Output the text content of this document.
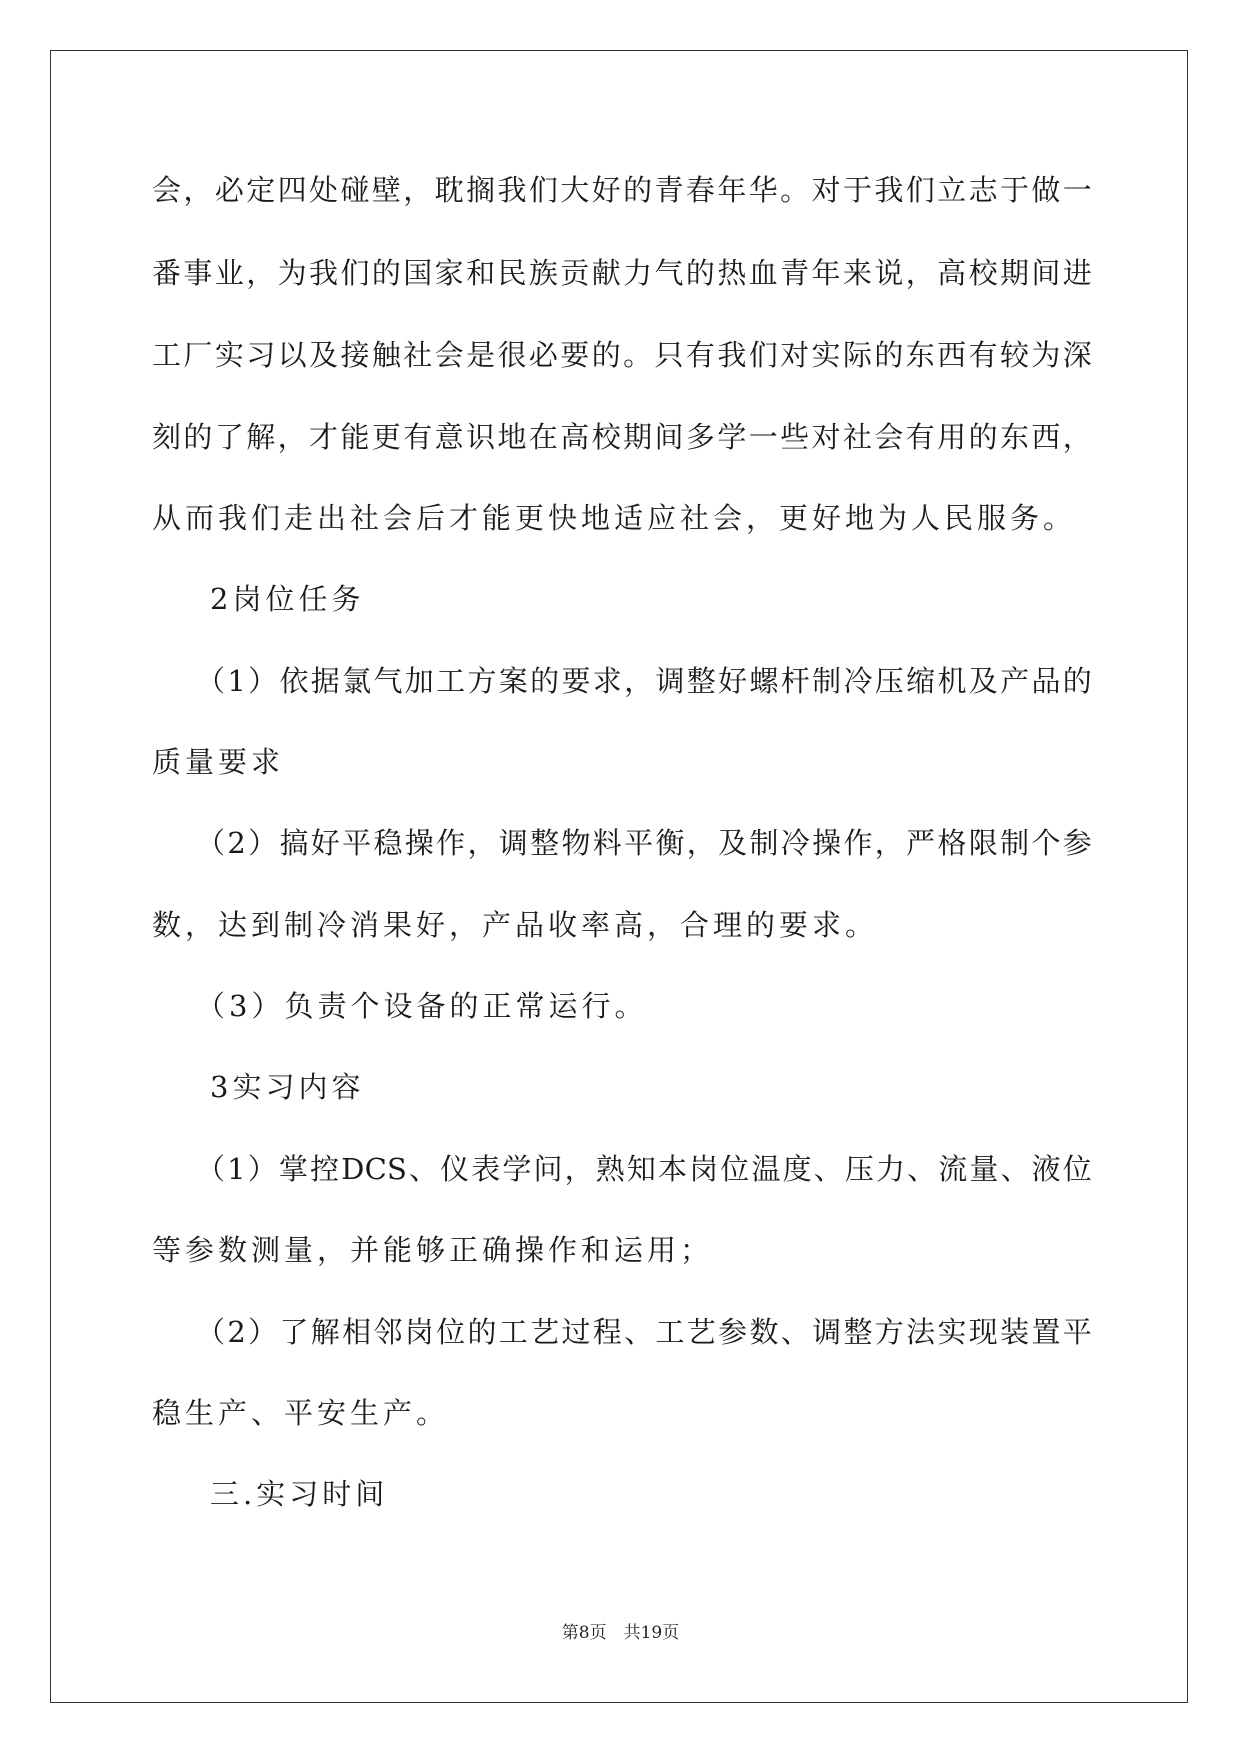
会，必定四处碰壁，耽搁我们大好的青春年华。对于我们立志于做一
番事业，为我们的国家和民族贡献力气的热血青年来说，高校期间进
工厂实习以及接触社会是很必要的。只有我们对实际的东西有较为深
刻的了解，才能更有意识地在高校期间多学一些对社会有用的东西，
从而我们走出社会后才能更快地适应社会，更好地为人民服务。
2岗位任务
（1）依据氯气加工方案的要求，调整好螺杆制冷压缩机及产品的
质量要求
（2）搞好平稳操作，调整物料平衡，及制冷操作，严格限制个参
数，达到制冷消果好，产品收率高，合理的要求。
（3）负责个设备的正常运行。
3实习内容
（1）掌控DCS、仪表学问，熟知本岗位温度、压力、流量、液位
等参数测量，并能够正确操作和运用；
（2）了解相邻岗位的工艺过程、工艺参数、调整方法实现装置平
稳生产、平安生产。
三.实习时间
第8页　共19页
